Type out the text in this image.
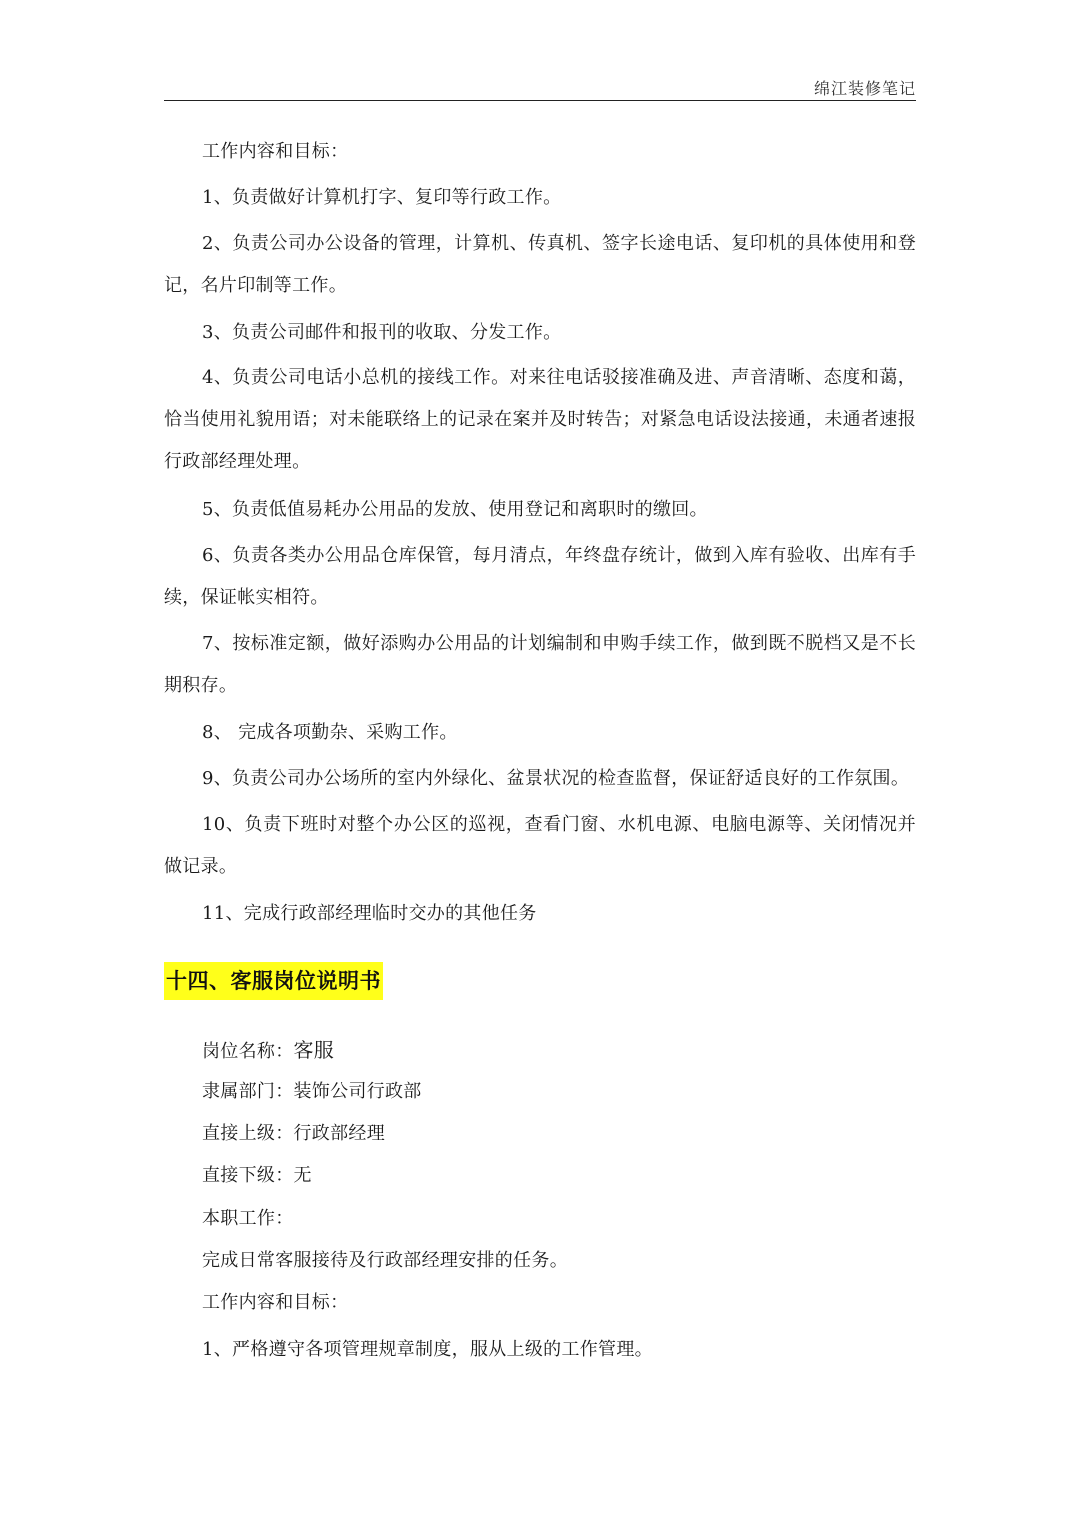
绵江装修笔记

工作内容和目标：

1、负责做好计算机打字、复印等行政工作。

2、负责公司办公设备的管理，计算机、传真机、签字长途电话、复印机的具体使用和登 记，名片印制等工作。

3、负责公司邮件和报刊的收取、分发工作。

4、负责公司电话小总机的接线工作。对来往电话驳接准确及进、声音清晰、态度和蔼，恰当使用礼貌用语；对未能联络上的记录在案并及时转告；对紧急电话设法接通，未通者速报行政部经理处理。

5、负责低值易耗办公用品的发放、使用登记和离职时的缴回。

6、负责各类办公用品仓库保管，每月清点，年终盘存统计，做到入库有验收、出库有手续，保证帐实相符。

7、按标准定额，做好添购办公用品的计划编制和申购手续工作，做到既不脱档又是不长期积存。

8、 完成各项勤杂、采购工作。

9、负责公司办公场所的室内外绿化、盆景状况的检查监督，保证舒适良好的工作氛围。

10、负责下班时对整个办公区的巡视，查看门窗、水机电源、电脑电源等、关闭情况并做记录。

11、完成行政部经理临时交办的其他任务

十四、客服岗位说明书

岗位名称：客服

隶属部门：装饰公司行政部

直接上级：行政部经理

直接下级：无

本职工作：

完成日常客服接待及行政部经理安排的任务。

工作内容和目标：

1、严格遵守各项管理规章制度，服从上级的工作管理。
